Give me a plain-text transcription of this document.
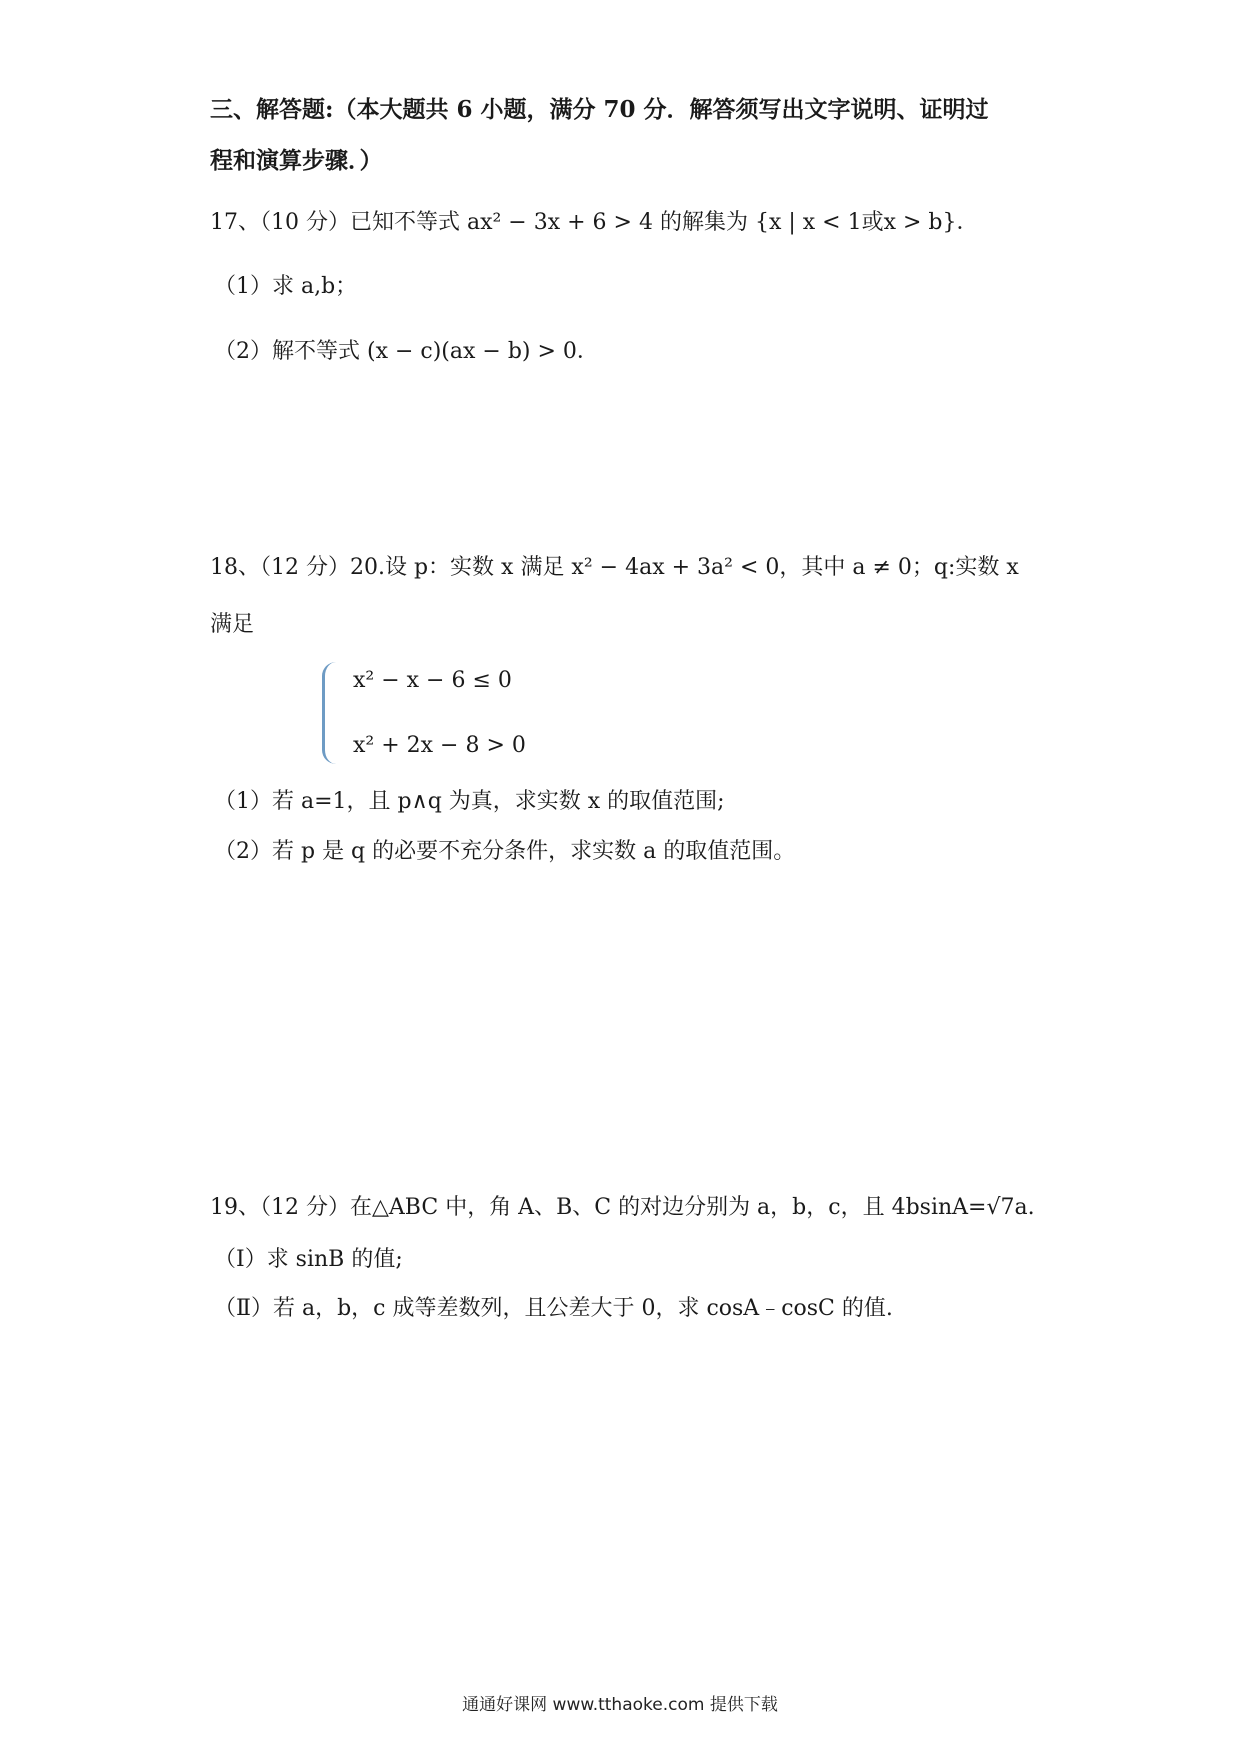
三、解答题:（本大题共 6 小题，满分 70 分．解答须写出文字说明、证明过
程和演算步骤．）
17、（10 分）已知不等式 ax² − 3x + 6 > 4 的解集为 {x | x < 1或x > b}．
（1）求 a,b；
（2）解不等式 (x − c)(ax − b) > 0．
18、（12 分）20.设 p：实数 x 满足 x² − 4ax + 3a² < 0，其中 a ≠ 0；q:实数 x
满足
x² − x − 6 ≤ 0
x² + 2x − 8 > 0
（1）若 a=1，且 p∧q 为真，求实数 x 的取值范围;
（2）若 p 是 q 的必要不充分条件，求实数 a 的取值范围。
19、（12 分）在△ABC 中，角 A、B、C 的对边分别为 a，b，c，且 4bsinA=√7a.
（Ⅰ）求 sinB 的值;
（Ⅱ）若 a，b，c 成等差数列，且公差大于 0，求 cosA﹣cosC 的值.
通通好课网 www.tthaoke.com 提供下载
